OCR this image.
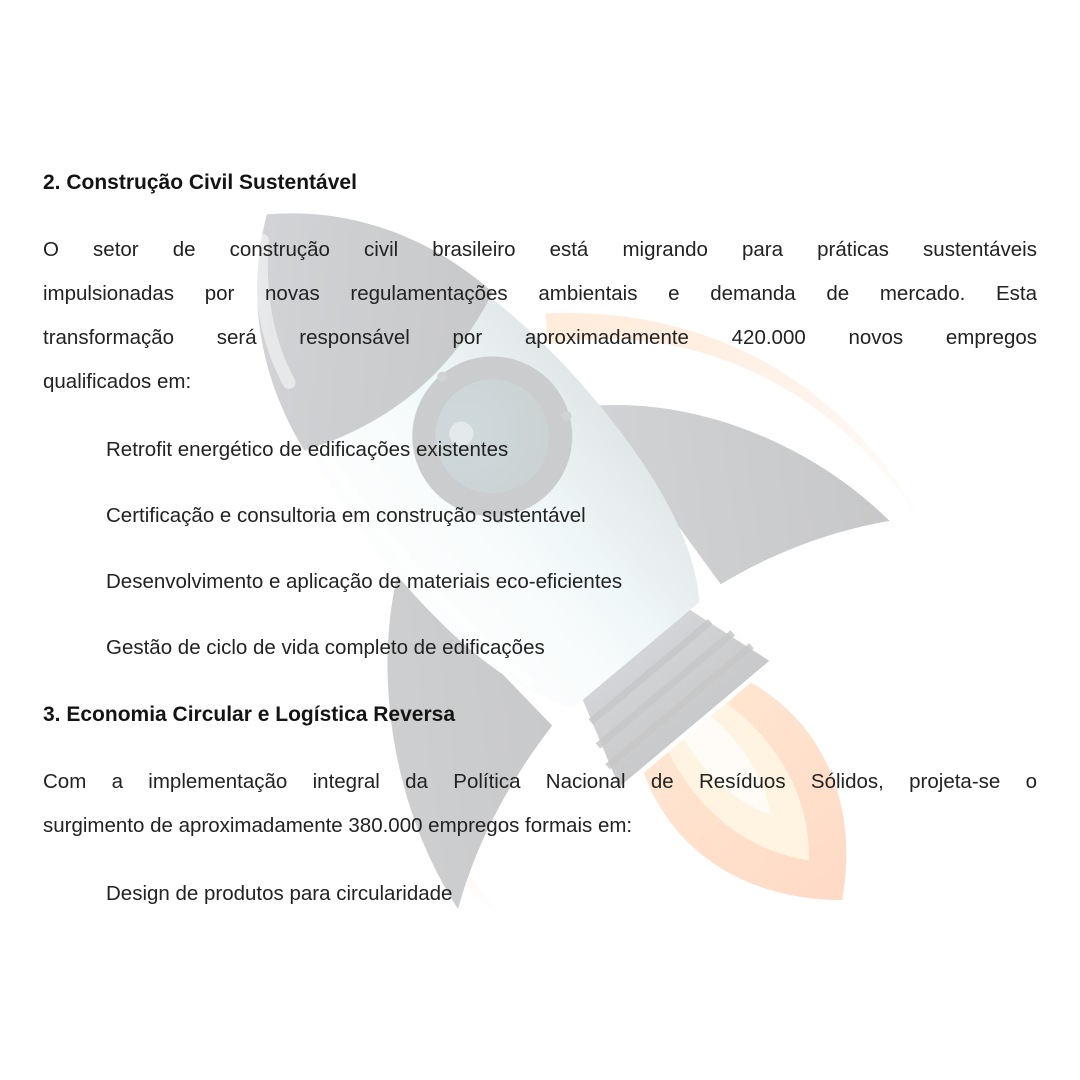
2. Construção Civil Sustentável
O setor de construção civil brasileiro está migrando para práticas sustentáveis
impulsionadas por novas regulamentações ambientais e demanda de mercado. Esta
transformação será responsável por aproximadamente 420.000 novos empregos
qualificados em:
Retrofit energético de edificações existentes
Certificação e consultoria em construção sustentável
Desenvolvimento e aplicação de materiais eco-eficientes
Gestão de ciclo de vida completo de edificações
3. Economia Circular e Logística Reversa
Com a implementação integral da Política Nacional de Resíduos Sólidos, projeta-se o
surgimento de aproximadamente 380.000 empregos formais em:
Design de produtos para circularidade
